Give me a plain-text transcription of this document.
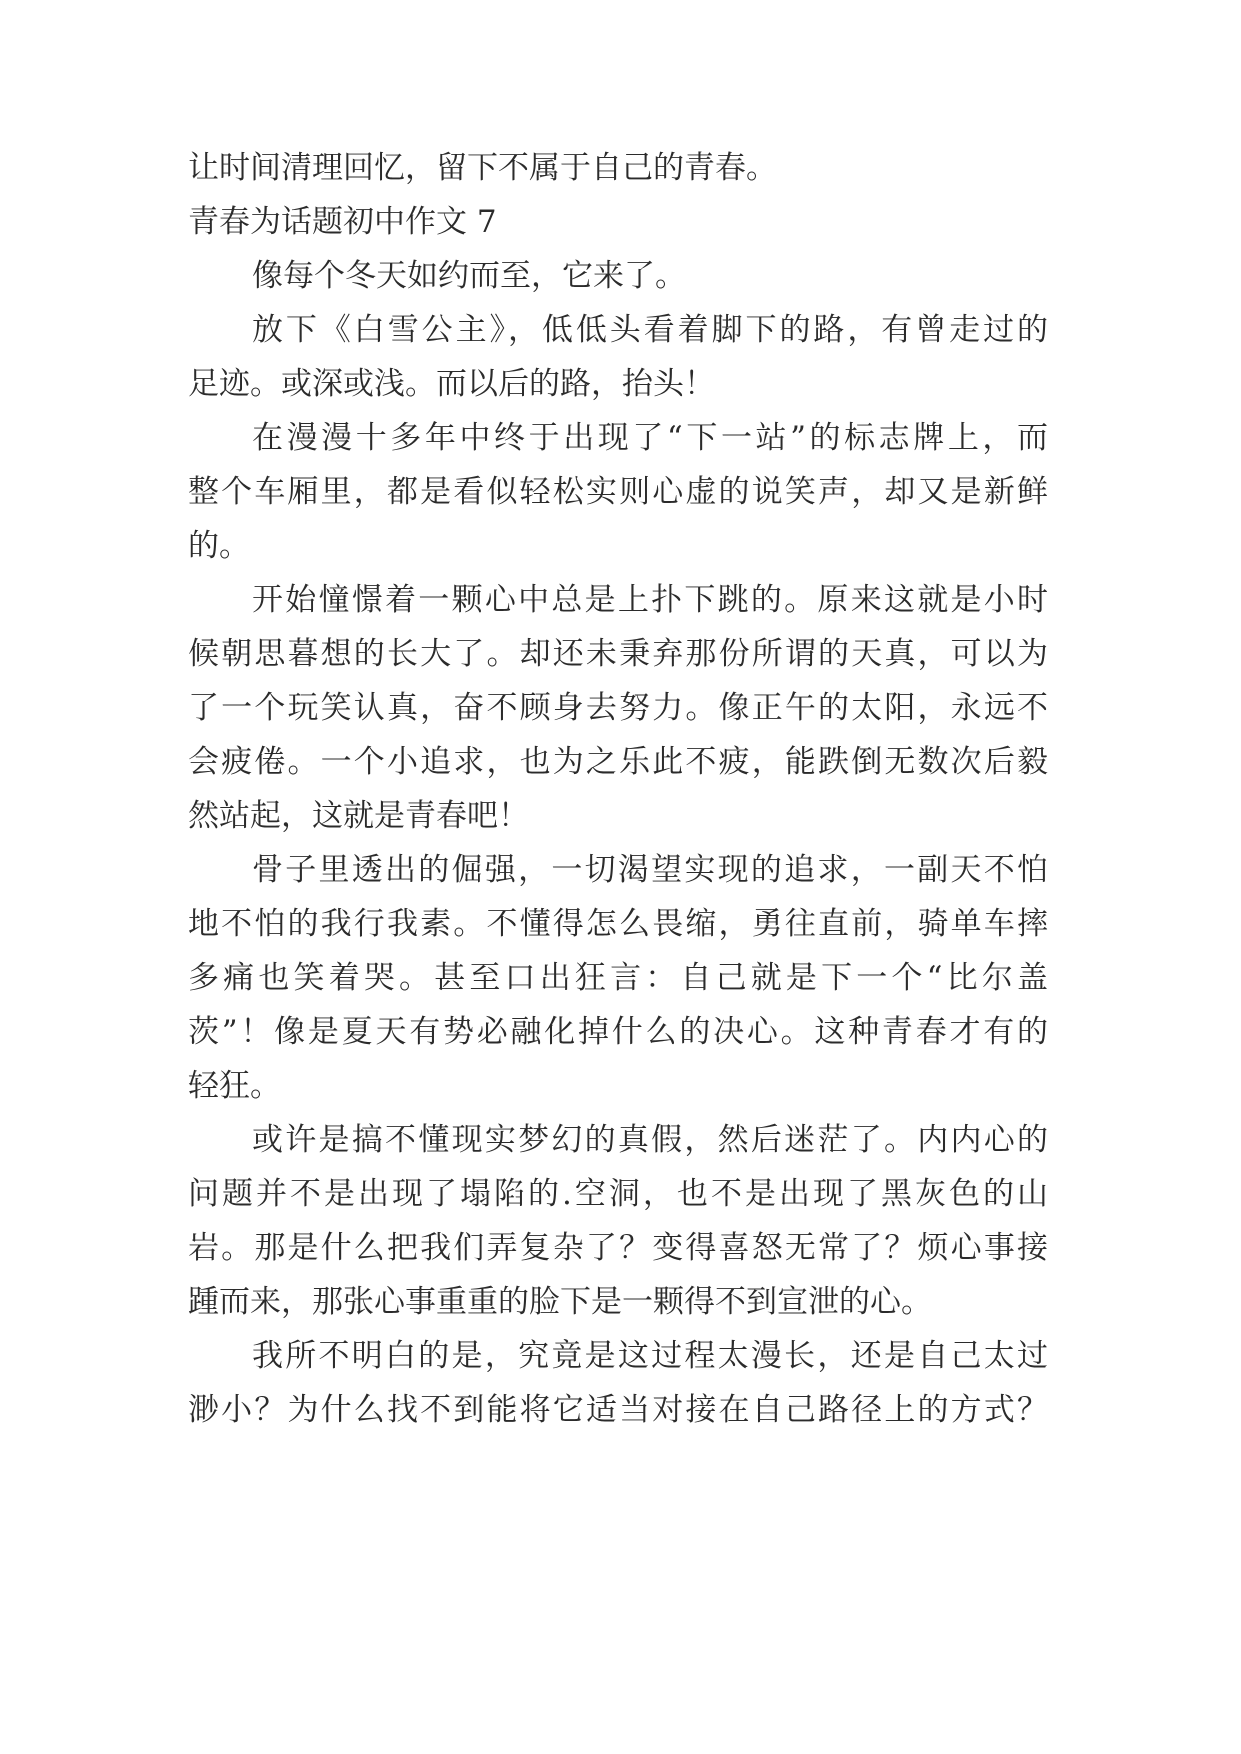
让时间清理回忆，留下不属于自己的青春。
青春为话题初中作文 7
像每个冬天如约而至，它来了。
放下《白雪公主》，低低头看着脚下的路，有曾走过的
足迹。或深或浅。而以后的路，抬头！
在漫漫十多年中终于出现了“下一站”的标志牌上，而
整个车厢里，都是看似轻松实则心虚的说笑声，却又是新鲜
的。
开始憧憬着一颗心中总是上扑下跳的。原来这就是小时
候朝思暮想的长大了。却还未秉弃那份所谓的天真，可以为
了一个玩笑认真，奋不顾身去努力。像正午的太阳，永远不
会疲倦。一个小追求，也为之乐此不疲，能跌倒无数次后毅
然站起，这就是青春吧！
骨子里透出的倔强，一切渴望实现的追求，一副天不怕
地不怕的我行我素。不懂得怎么畏缩，勇往直前，骑单车摔
多痛也笑着哭。甚至口出狂言：自己就是下一个“比尔盖
茨”！像是夏天有势必融化掉什么的决心。这种青春才有的
轻狂。
或许是搞不懂现实梦幻的真假，然后迷茫了。内内心的
问题并不是出现了塌陷的.空洞，也不是出现了黑灰色的山
岩。那是什么把我们弄复杂了？变得喜怒无常了？烦心事接
踵而来，那张心事重重的脸下是一颗得不到宣泄的心。
我所不明白的是，究竟是这过程太漫长，还是自己太过
渺小？为什么找不到能将它适当对接在自己路径上的方式？
